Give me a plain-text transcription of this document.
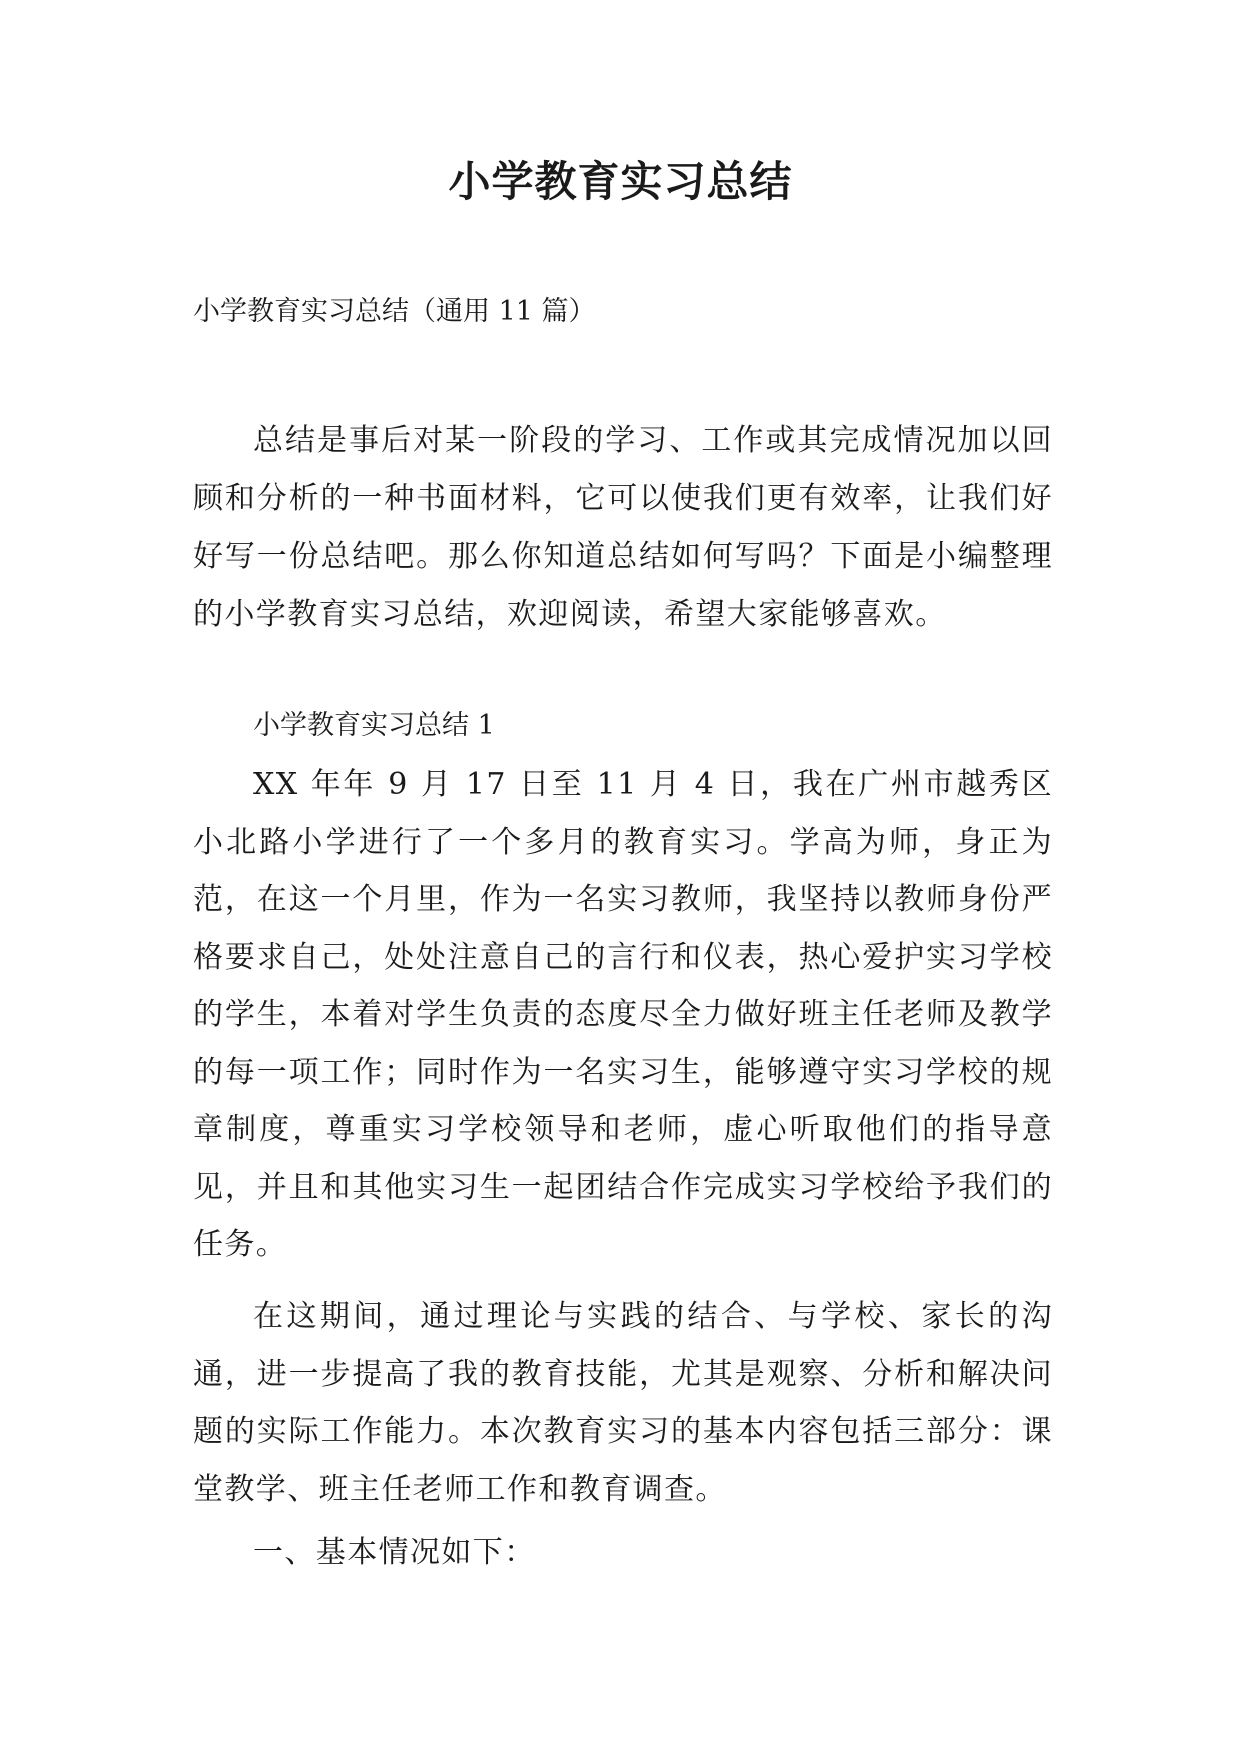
小学教育实习总结

小学教育实习总结（通用 11 篇）

总结是事后对某一阶段的学习、工作或其完成情况加以回顾和分析的一种书面材料，它可以使我们更有效率，让我们好好写一份总结吧。那么你知道总结如何写吗？下面是小编整理的小学教育实习总结，欢迎阅读，希望大家能够喜欢。

小学教育实习总结 1

XX 年年 9 月 17 日至 11 月 4 日，我在广州市越秀区小北路小学进行了一个多月的教育实习。学高为师，身正为范，在这一个月里，作为一名实习教师，我坚持以教师身份严格要求自己，处处注意自己的言行和仪表，热心爱护实习学校的学生，本着对学生负责的态度尽全力做好班主任老师及教学的每一项工作；同时作为一名实习生，能够遵守实习学校的规章制度，尊重实习学校领导和老师，虚心听取他们的指导意见，并且和其他实习生一起团结合作完成实习学校给予我们的任务。

在这期间，通过理论与实践的结合、与学校、家长的沟通，进一步提高了我的教育技能，尤其是观察、分析和解决问题的实际工作能力。本次教育实习的基本内容包括三部分：课堂教学、班主任老师工作和教育调查。

一、基本情况如下：
